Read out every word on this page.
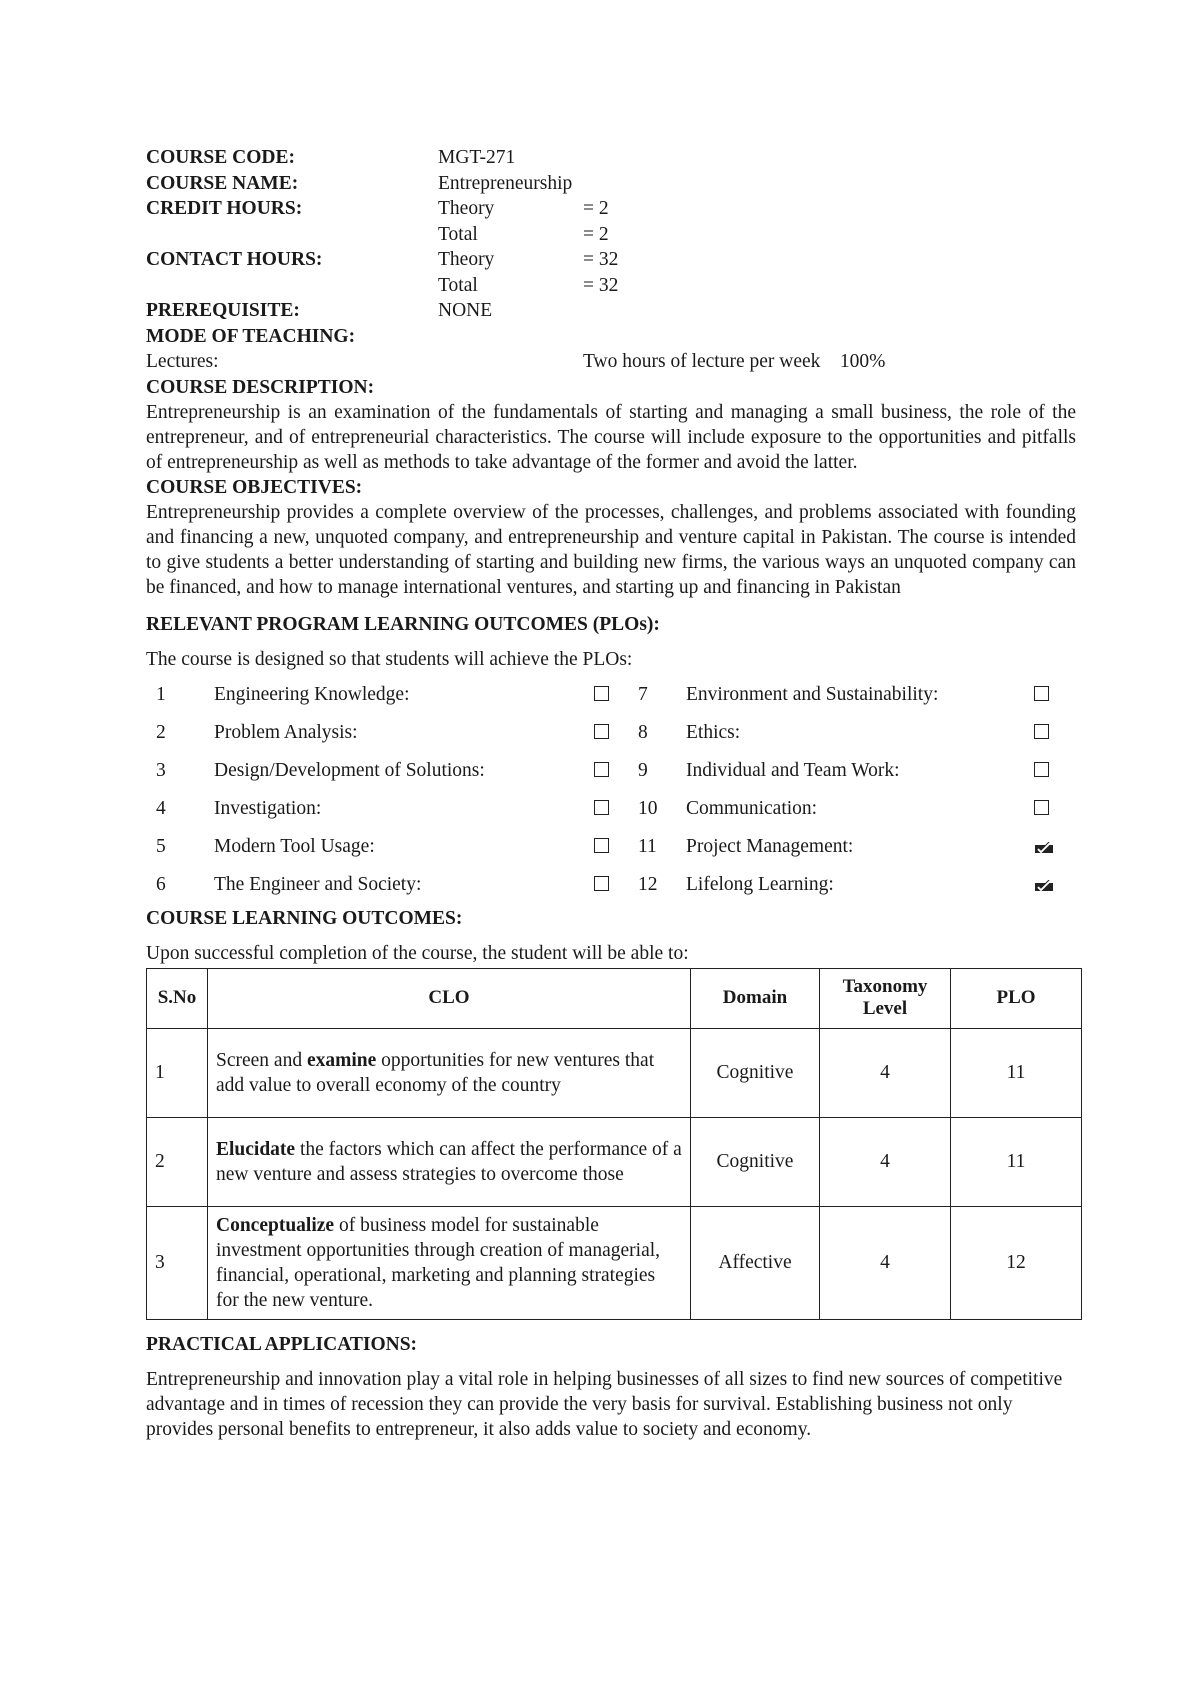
COURSE CODE:	MGT-271
COURSE NAME:	Entrepreneurship
CREDIT HOURS:	Theory	= 2
Total	= 2
CONTACT HOURS:	Theory	= 32
Total	= 32
PREREQUISITE:	NONE
MODE OF TEACHING:
Lectures:	Two hours of lecture per week    100%
COURSE DESCRIPTION:
Entrepreneurship is an examination of the fundamentals of starting and managing a small business, the role of the entrepreneur, and of entrepreneurial characteristics. The course will include exposure to the opportunities and pitfalls of entrepreneurship as well as methods to take advantage of the former and avoid the latter.
COURSE OBJECTIVES:
Entrepreneurship provides a complete overview of the processes, challenges, and problems associated with founding and financing a new, unquoted company, and entrepreneurship and venture capital in Pakistan. The course is intended to give students a better understanding of starting and building new firms, the various ways an unquoted company can be financed, and how to manage international ventures, and starting up and financing in Pakistan
RELEVANT PROGRAM LEARNING OUTCOMES (PLOs):
The course is designed so that students will achieve the PLOs:
1 Engineering Knowledge:	7 Environment and Sustainability:
2 Problem Analysis:	8 Ethics:
3 Design/Development of Solutions:	9 Individual and Team Work:
4 Investigation:	10 Communication:
5 Modern Tool Usage:	11 Project Management:
6 The Engineer and Society:	12 Lifelong Learning:
COURSE LEARNING OUTCOMES:
Upon successful completion of the course, the student will be able to:
S.No	CLO	Domain	Taxonomy Level	PLO
1	Screen and examine opportunities for new ventures that add value to overall economy of the country	Cognitive	4	11
2	Elucidate the factors which can affect the performance of a new venture and assess strategies to overcome those	Cognitive	4	11
3	Conceptualize of business model for sustainable investment opportunities through creation of managerial, financial, operational, marketing and planning strategies for the new venture.	Affective	4	12
PRACTICAL APPLICATIONS:
Entrepreneurship and innovation play a vital role in helping businesses of all sizes to find new sources of competitive advantage and in times of recession they can provide the very basis for survival. Establishing business not only provides personal benefits to entrepreneur, it also adds value to society and economy.
